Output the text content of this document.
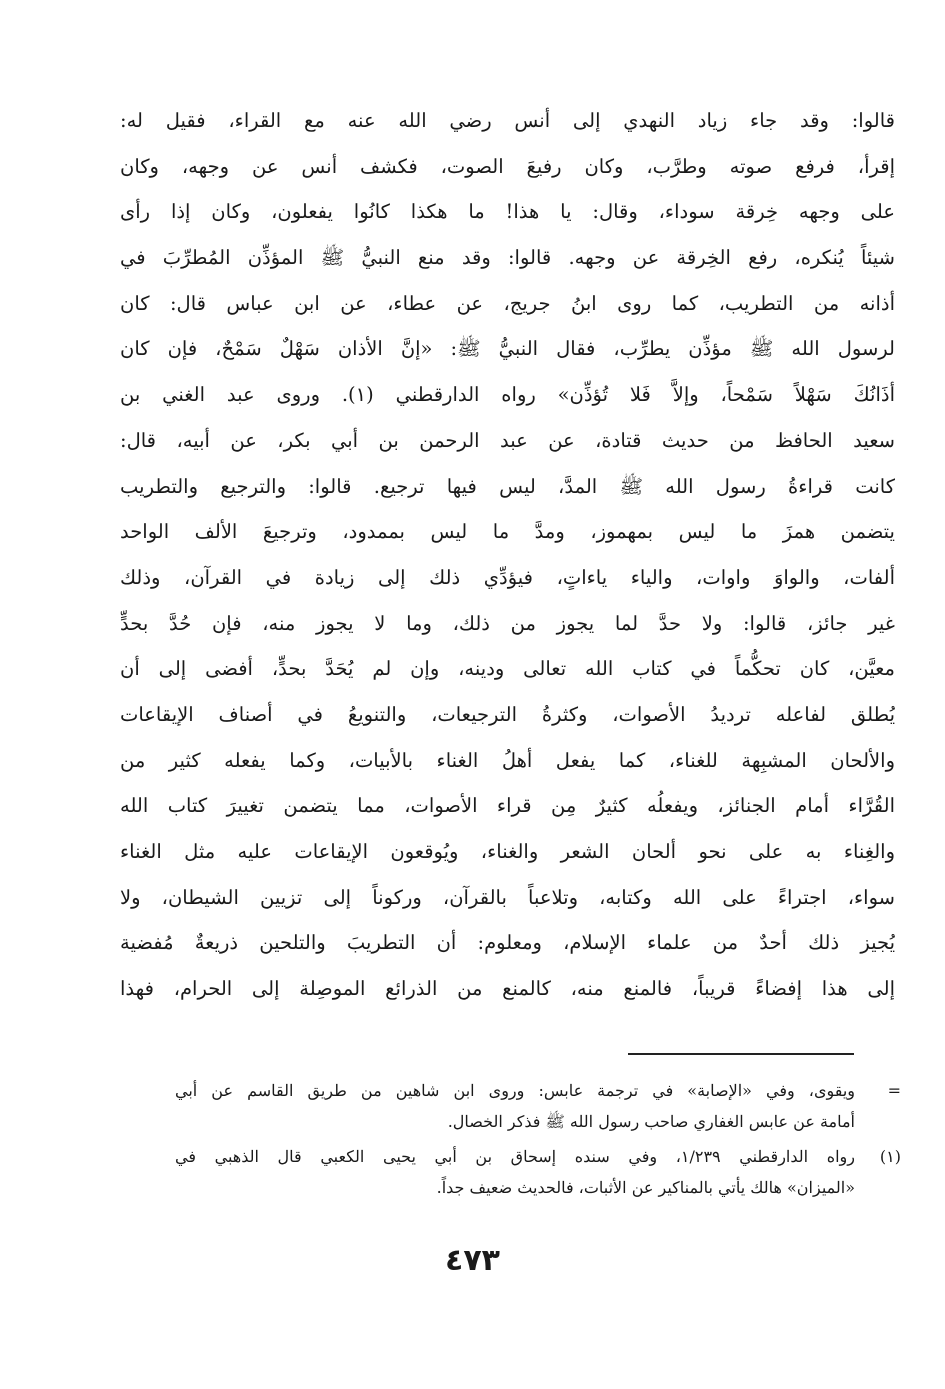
قالوا: وقد جاء زياد النهدي إلى أنس رضي الله عنه مع القراء، فقيل له:
إقرأ، فرفع صوته وطرَّب، وكان رفيعَ الصوت، فكشف أنس عن وجهه، وكان
على وجهه خِرقة سوداء، وقال: يا هذا! ما هكذا كانُوا يفعلون، وكان إذا رأى
شيئاً يُنكره، رفع الخِرقة عن وجهه. قالوا: وقد منع النبيُّ ﷺ المؤذِّن المُطرِّبَ في
أذانه من التطريب، كما روى ابنُ جريج، عن عطاء، عن ابن عباس قال: كان
لرسول الله ﷺ مؤذِّن يطرِّب، فقال النبيُّ ﷺ: «إنَّ الأذان سَهْلٌ سَمْحٌ، فإن كان
أذَانُكَ سَهْلاً سَمْحاً، وإلاَّ فَلا تُؤذِّن» رواه الدارقطني (١). وروى عبد الغني بن
سعيد الحافظ من حديث قتادة، عن عبد الرحمن بن أبي بكر، عن أبيه، قال:
كانت قراءةُ رسول الله ﷺ المدَّ، ليس فيها ترجيع. قالوا: والترجيع والتطريب
يتضمن همزَ ما ليس بمهموز، ومدَّ ما ليس بممدود، وترجيعَ الألف الواحد
ألفات، والواوَ واوات، والياء ياءاتٍ، فيؤدِّي ذلك إلى زيادة في القرآن، وذلك
غير جائز، قالوا: ولا حدَّ لما يجوز من ذلك، وما لا يجوز منه، فإن حُدَّ بحدٍّ
معيَّن، كان تحكُّماً في كتاب الله تعالى ودينه، وإن لم يُحَدَّ بحدٍّ، أفضى إلى أن
يُطلق لفاعله ترديدُ الأصوات، وكثرةُ الترجيعات، والتنويعُ في أصناف الإيقاعات
والألحان المشبِهة للغناء، كما يفعل أهلُ الغناء بالأبيات، وكما يفعله كثير من
القُرَّاء أمام الجنائز، ويفعلُه كثيرٌ مِن قراء الأصوات، مما يتضمن تغييرَ كتاب الله
والغِناء به على نحو ألحان الشعر والغناء، ويُوقعون الإيقاعات عليه مثل الغناء
سواء، اجتراءً على الله وكتابه، وتلاعباً بالقرآن، وركوناً إلى تزيين الشيطان، ولا
يُجيز ذلك أحدٌ من علماء الإسلام، ومعلوم: أن التطريبَ والتلحين ذريعةٌ مُفضية
إلى هذا إفضاءً قريباً، فالمنع منه، كالمنع من الذرائع الموصِلة إلى الحرام، فهذا
=
ويقوى، وفي «الإصابة» في ترجمة عابس: وروى ابن شاهين من طريق القاسم عن أبي
أمامة عن عابس الغفاري صاحب رسول الله ﷺ فذكر الخصال.
(١)
رواه الدارقطني ١/٢٣٩، وفي سنده إسحاق بن أبي يحيى الكعبي قال الذهبي في
«الميزان» هالك يأتي بالمناكير عن الأثبات، فالحديث ضعيف جداً.
٤٧٣
